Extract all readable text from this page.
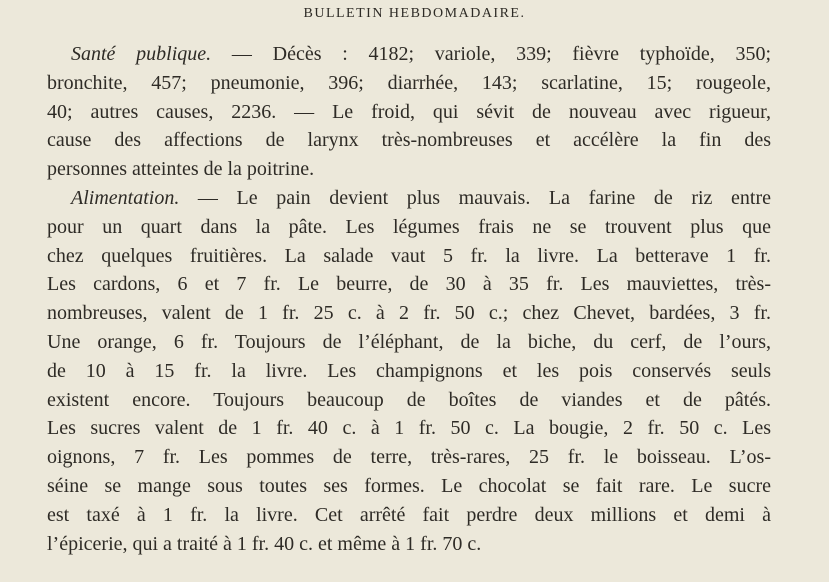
BULLETIN HEBDOMADAIRE.
Santé publique. — Décès : 4182; variole, 339; fièvre typhoïde, 350;
bronchite, 457; pneumonie, 396; diarrhée, 143; scarlatine, 15; rougeole,
40; autres causes, 2236. — Le froid, qui sévit de nouveau avec rigueur,
cause des affections de larynx très-nombreuses et accélère la fin des
personnes atteintes de la poitrine.
Alimentation. — Le pain devient plus mauvais. La farine de riz entre
pour un quart dans la pâte. Les légumes frais ne se trouvent plus que
chez quelques fruitières. La salade vaut 5 fr. la livre. La betterave 1 fr.
Les cardons, 6 et 7 fr. Le beurre, de 30 à 35 fr. Les mauviettes, très-
nombreuses, valent de 1 fr. 25 c. à 2 fr. 50 c.; chez Chevet, bardées, 3 fr.
Une orange, 6 fr. Toujours de l’éléphant, de la biche, du cerf, de l’ours,
de 10 à 15 fr. la livre. Les champignons et les pois conservés seuls
existent encore. Toujours beaucoup de boîtes de viandes et de pâtés.
Les sucres valent de 1 fr. 40 c. à 1 fr. 50 c. La bougie, 2 fr. 50 c. Les
oignons, 7 fr. Les pommes de terre, très-rares, 25 fr. le boisseau. L’os-
séine se mange sous toutes ses formes. Le chocolat se fait rare. Le sucre
est taxé à 1 fr. la livre. Cet arrêté fait perdre deux millions et demi à
l’épicerie, qui a traité à 1 fr. 40 c. et même à 1 fr. 70 c.
